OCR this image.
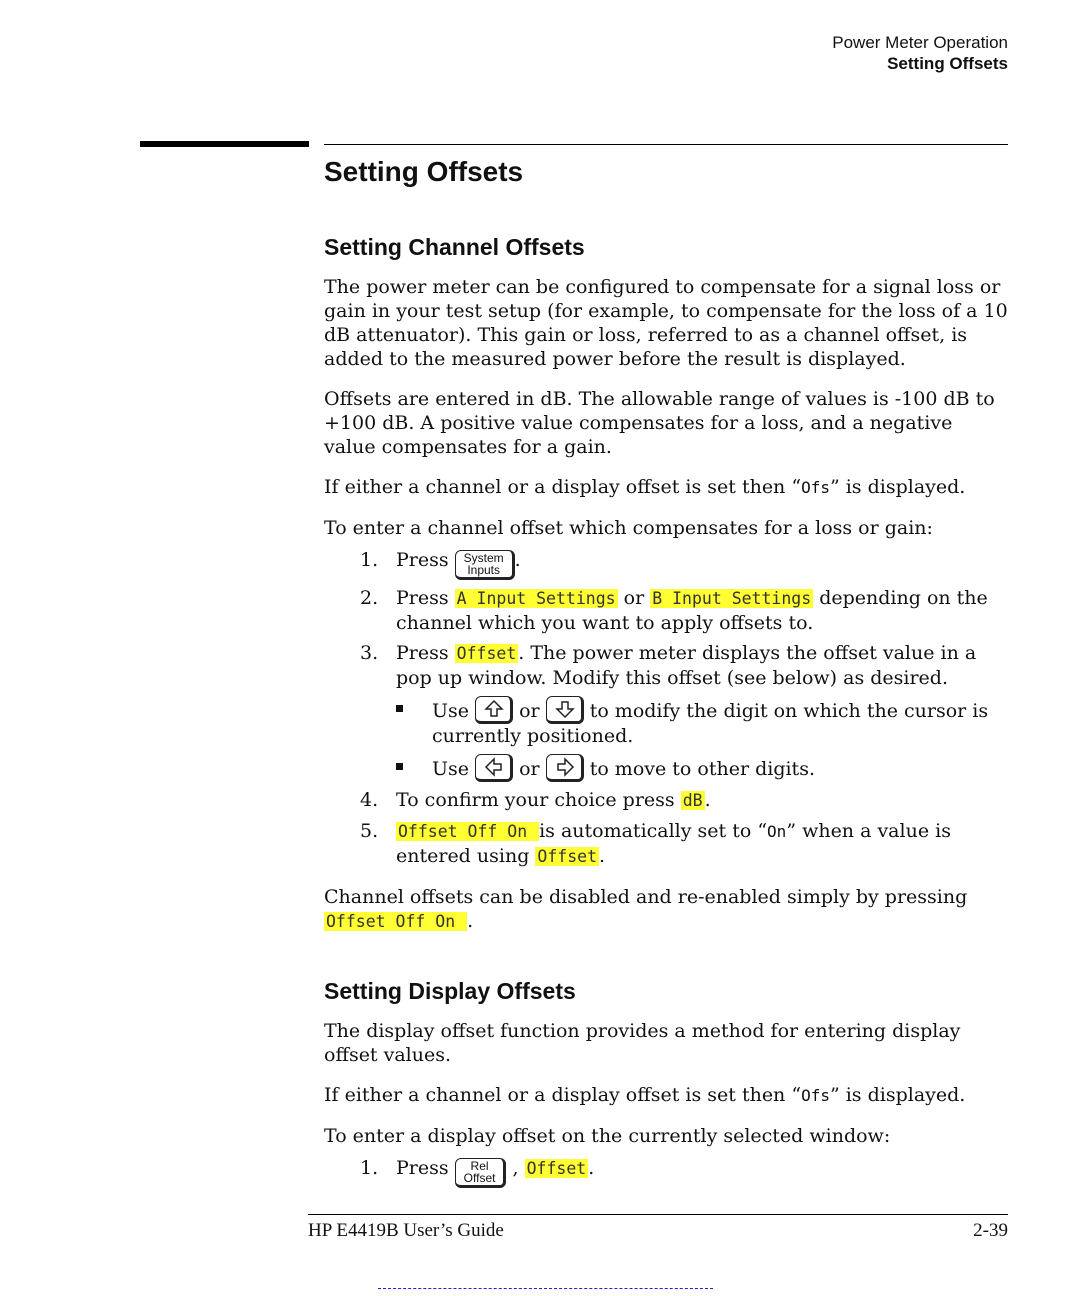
Power Meter Operation
Setting Offsets
Setting Offsets
Setting Channel Offsets

The power meter can be configured to compensate for a signal loss or gain in your test setup (for example, to compensate for the loss of a 10 dB attenuator). This gain or loss, referred to as a channel offset, is added to the measured power before the result is displayed.

Offsets are entered in dB. The allowable range of values is -100 dB to +100 dB. A positive value compensates for a loss, and a negative value compensates for a gain.

If either a channel or a display offset is set then “Ofs” is displayed.

To enter a channel offset which compensates for a loss or gain:

1. Press System
Inputs .
2. Press A Input Settings or B Input Settings depending on the channel which you want to apply offsets to.
3. Press Offset . The power meter displays the offset value in a pop up window. Modify this offset (see below) as desired.
Use
or
to modify the digit on which the cursor is currently positioned.
Use
or
to move to other digits.
4. To confirm your choice press dB .
5. Offset Off On is automatically set to “On” when a value is entered using Offset .

Channel offsets can be disabled and re-enabled simply by pressing Offset Off On .

Setting Display Offsets

The display offset function provides a method for entering display offset values.

If either a channel or a display offset is set then “Ofs” is displayed.

To enter a display offset on the currently selected window:

1. Press	Rel
Offset , Offset .
HP E4419B User’s Guide	2-39
